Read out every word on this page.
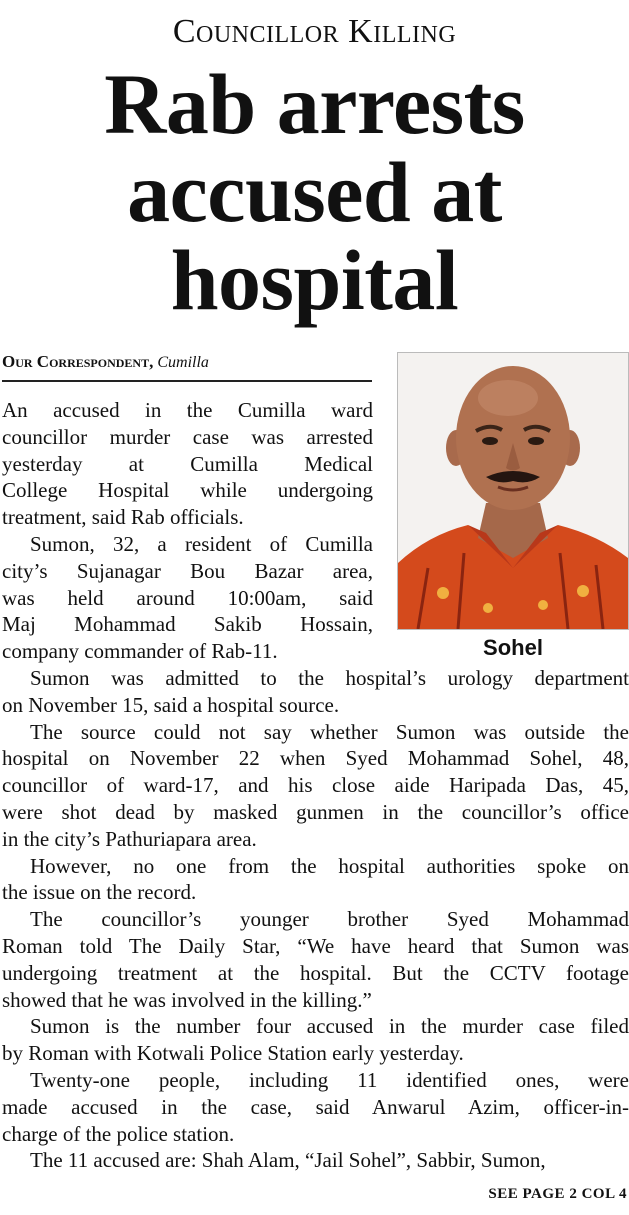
Councillor Killing
Rab arrests
accused at
hospital
Our Correspondent, Cumilla
Sohel
An accused in the Cumilla ward
councillor murder case was arrested
yesterday at Cumilla Medical
College Hospital while undergoing
treatment, said Rab officials.
Sumon, 32, a resident of Cumilla
city’s Sujanagar Bou Bazar area,
was held around 10:00am, said
Maj Mohammad Sakib Hossain,
company commander of Rab-11.
Sumon was admitted to the hospital’s urology department
on November 15, said a hospital source.
The source could not say whether Sumon was outside the
hospital on November 22 when Syed Mohammad Sohel, 48,
councillor of ward-17, and his close aide Haripada Das, 45,
were shot dead by masked gunmen in the councillor’s office
in the city’s Pathuriapara area.
However, no one from the hospital authorities spoke on
the issue on the record.
The councillor’s younger brother Syed Mohammad
Roman told The Daily Star, “We have heard that Sumon was
undergoing treatment at the hospital. But the CCTV footage
showed that he was involved in the killing.”
Sumon is the number four accused in the murder case filed
by Roman with Kotwali Police Station early yesterday.
Twenty-one people, including 11 identified ones, were
made accused in the case, said Anwarul Azim, officer-in-
charge of the police station.
The 11 accused are: Shah Alam, “Jail Sohel”, Sabbir, Sumon,
SEE PAGE 2 COL 4
